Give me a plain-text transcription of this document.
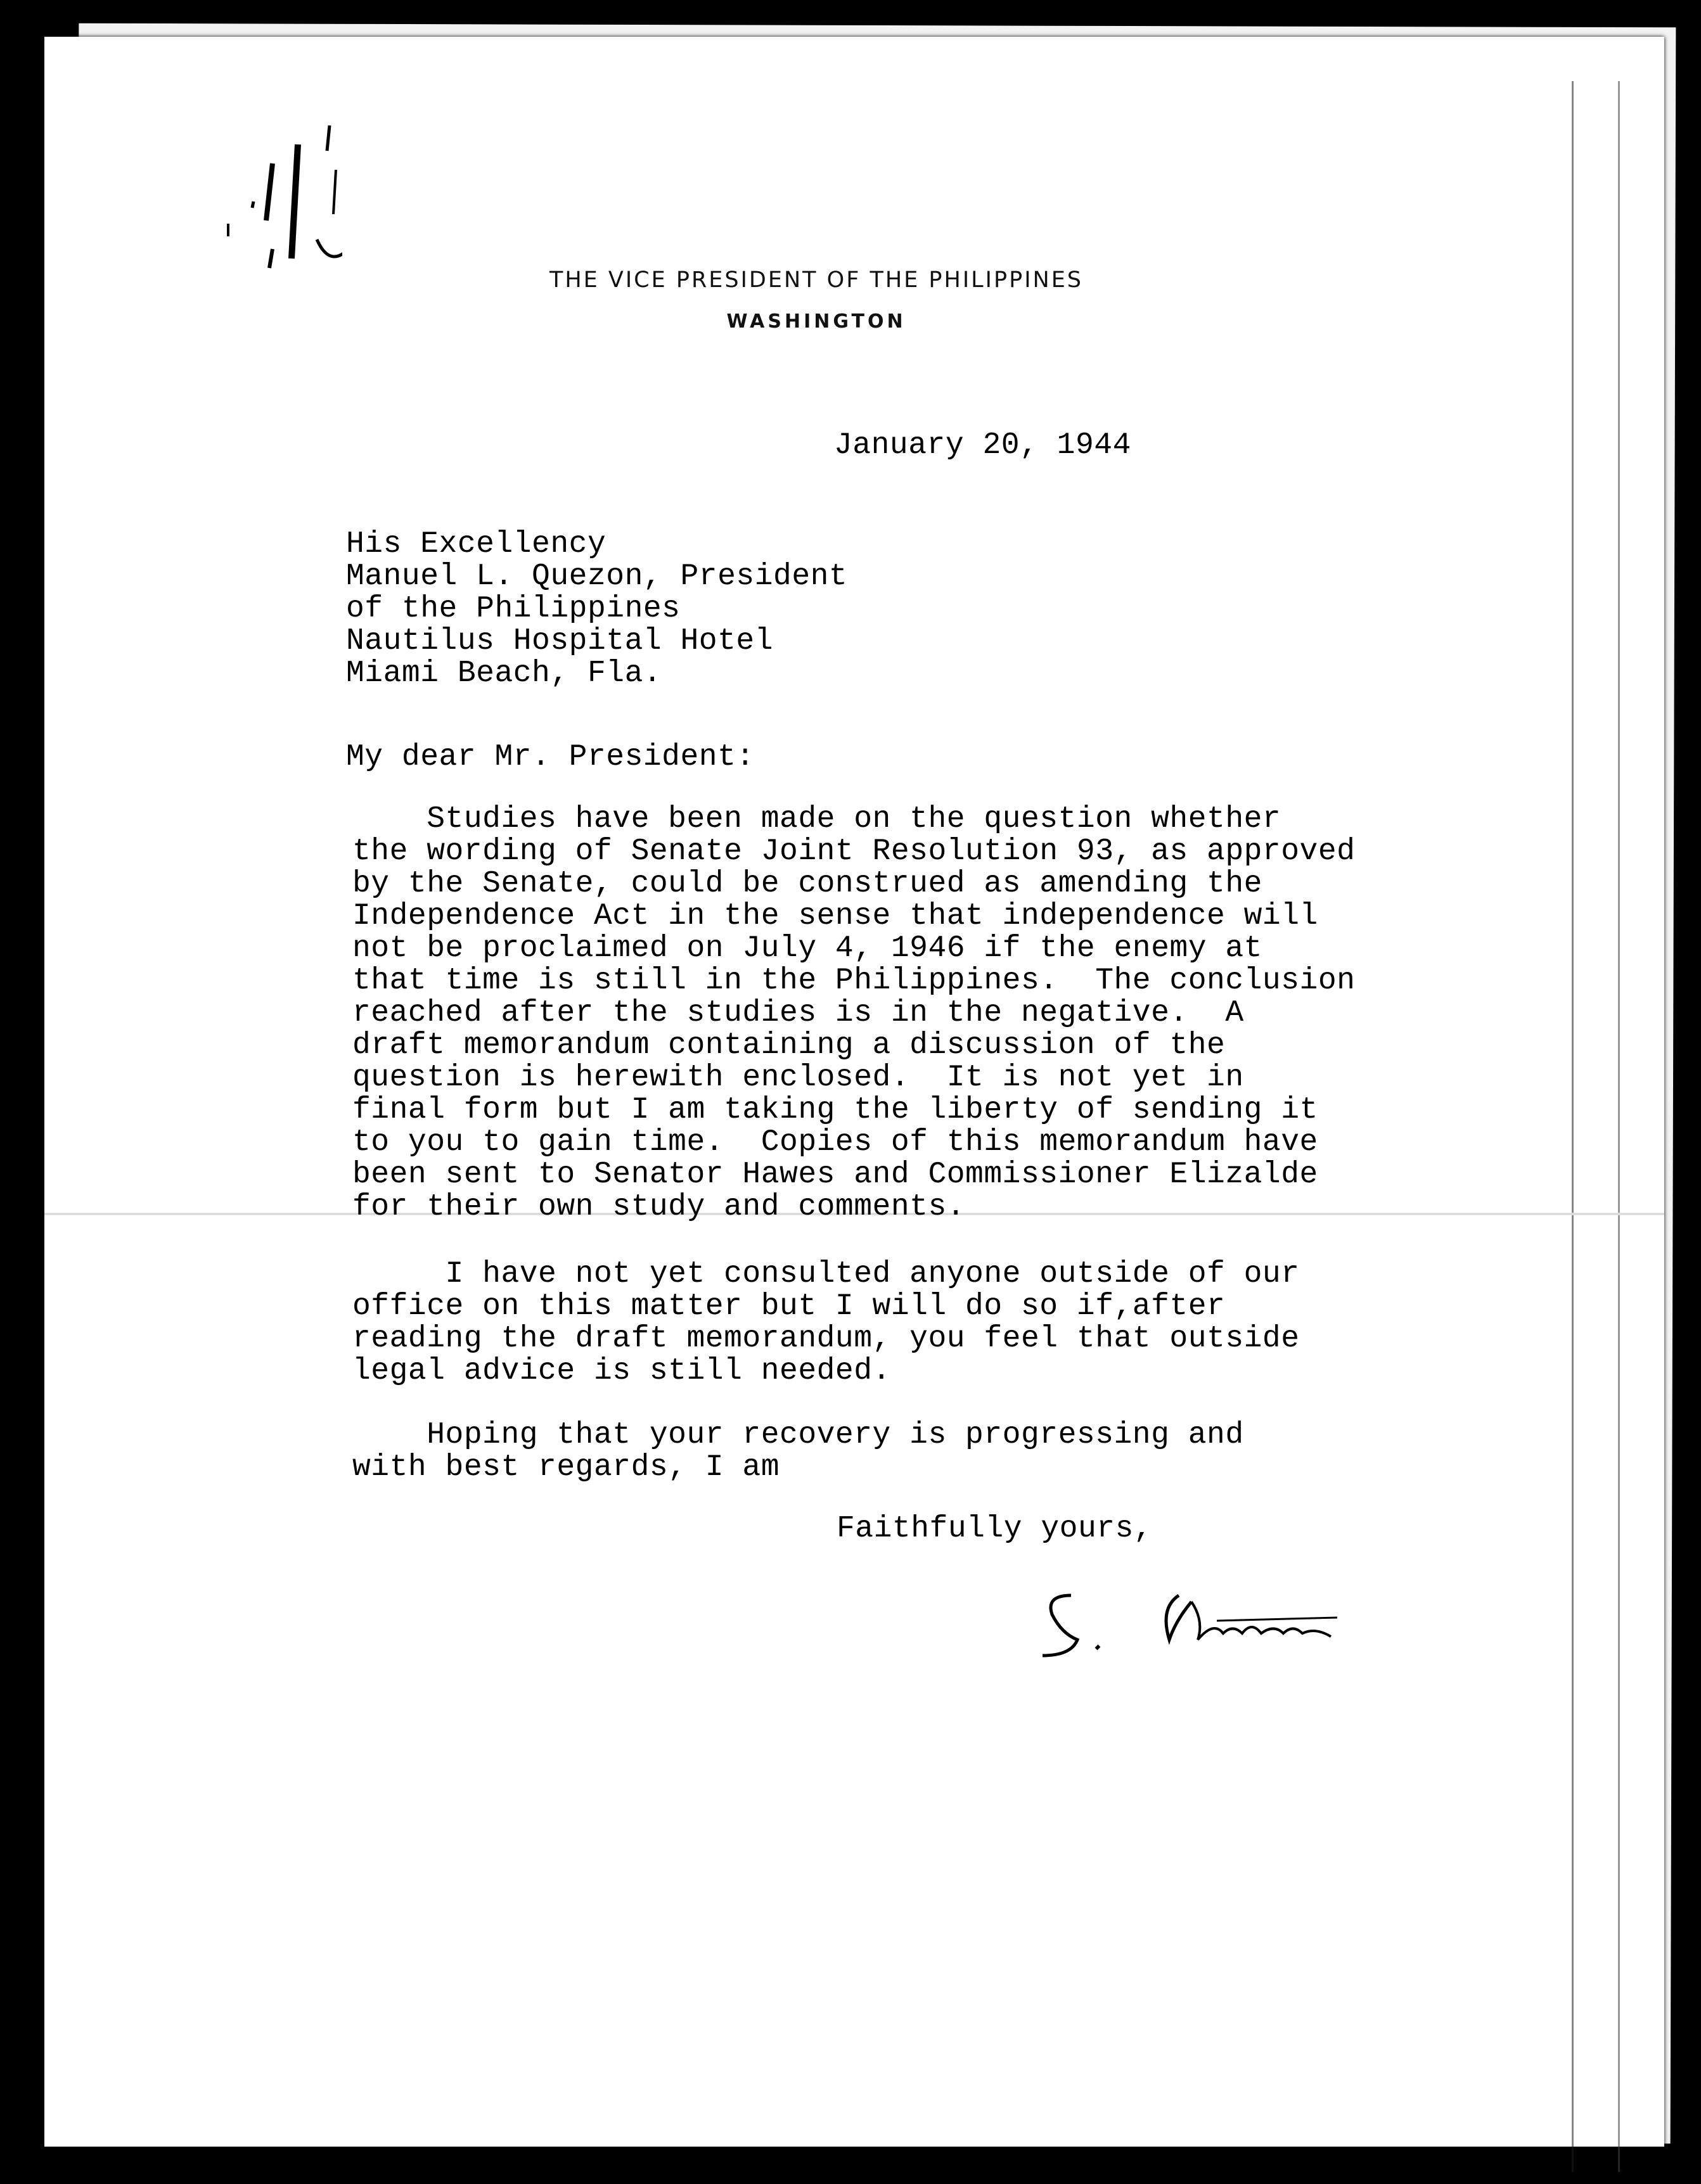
THE VICE PRESIDENT OF THE PHILIPPINES
WASHINGTON
January 20, 1944
His Excellency
Manuel L. Quezon, President
of the Philippines
Nautilus Hospital Hotel
Miami Beach, Fla.
My dear Mr. President:
Studies have been made on the question whether
the wording of Senate Joint Resolution 93, as approved
by the Senate, could be construed as amending the
Independence Act in the sense that independence will
not be proclaimed on July 4, 1946 if the enemy at
that time is still in the Philippines.  The conclusion
reached after the studies is in the negative.  A
draft memorandum containing a discussion of the
question is herewith enclosed.  It is not yet in
final form but I am taking the liberty of sending it
to you to gain time.  Copies of this memorandum have
been sent to Senator Hawes and Commissioner Elizalde
for their own study and comments.
I have not yet consulted anyone outside of our
office on this matter but I will do so if,after
reading the draft memorandum, you feel that outside
legal advice is still needed.
Hoping that your recovery is progressing and
with best regards, I am
Faithfully yours,
